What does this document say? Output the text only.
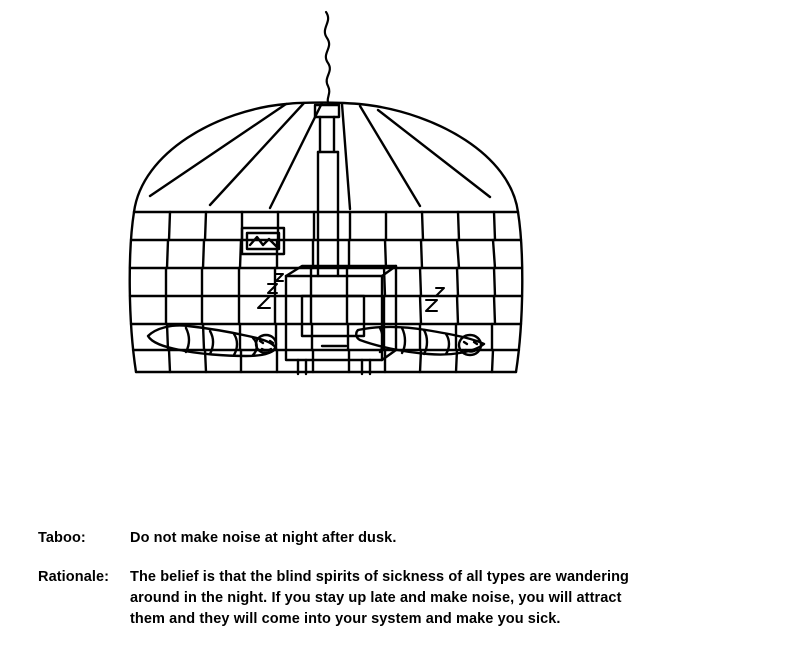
Taboo:	Do not make noise at night after dusk.
Rationale:	The belief is that the blind spirits of sickness of all types are wandering
around in the night. If you stay up late and make noise, you will attract
them and they will come into your system and make you sick.
